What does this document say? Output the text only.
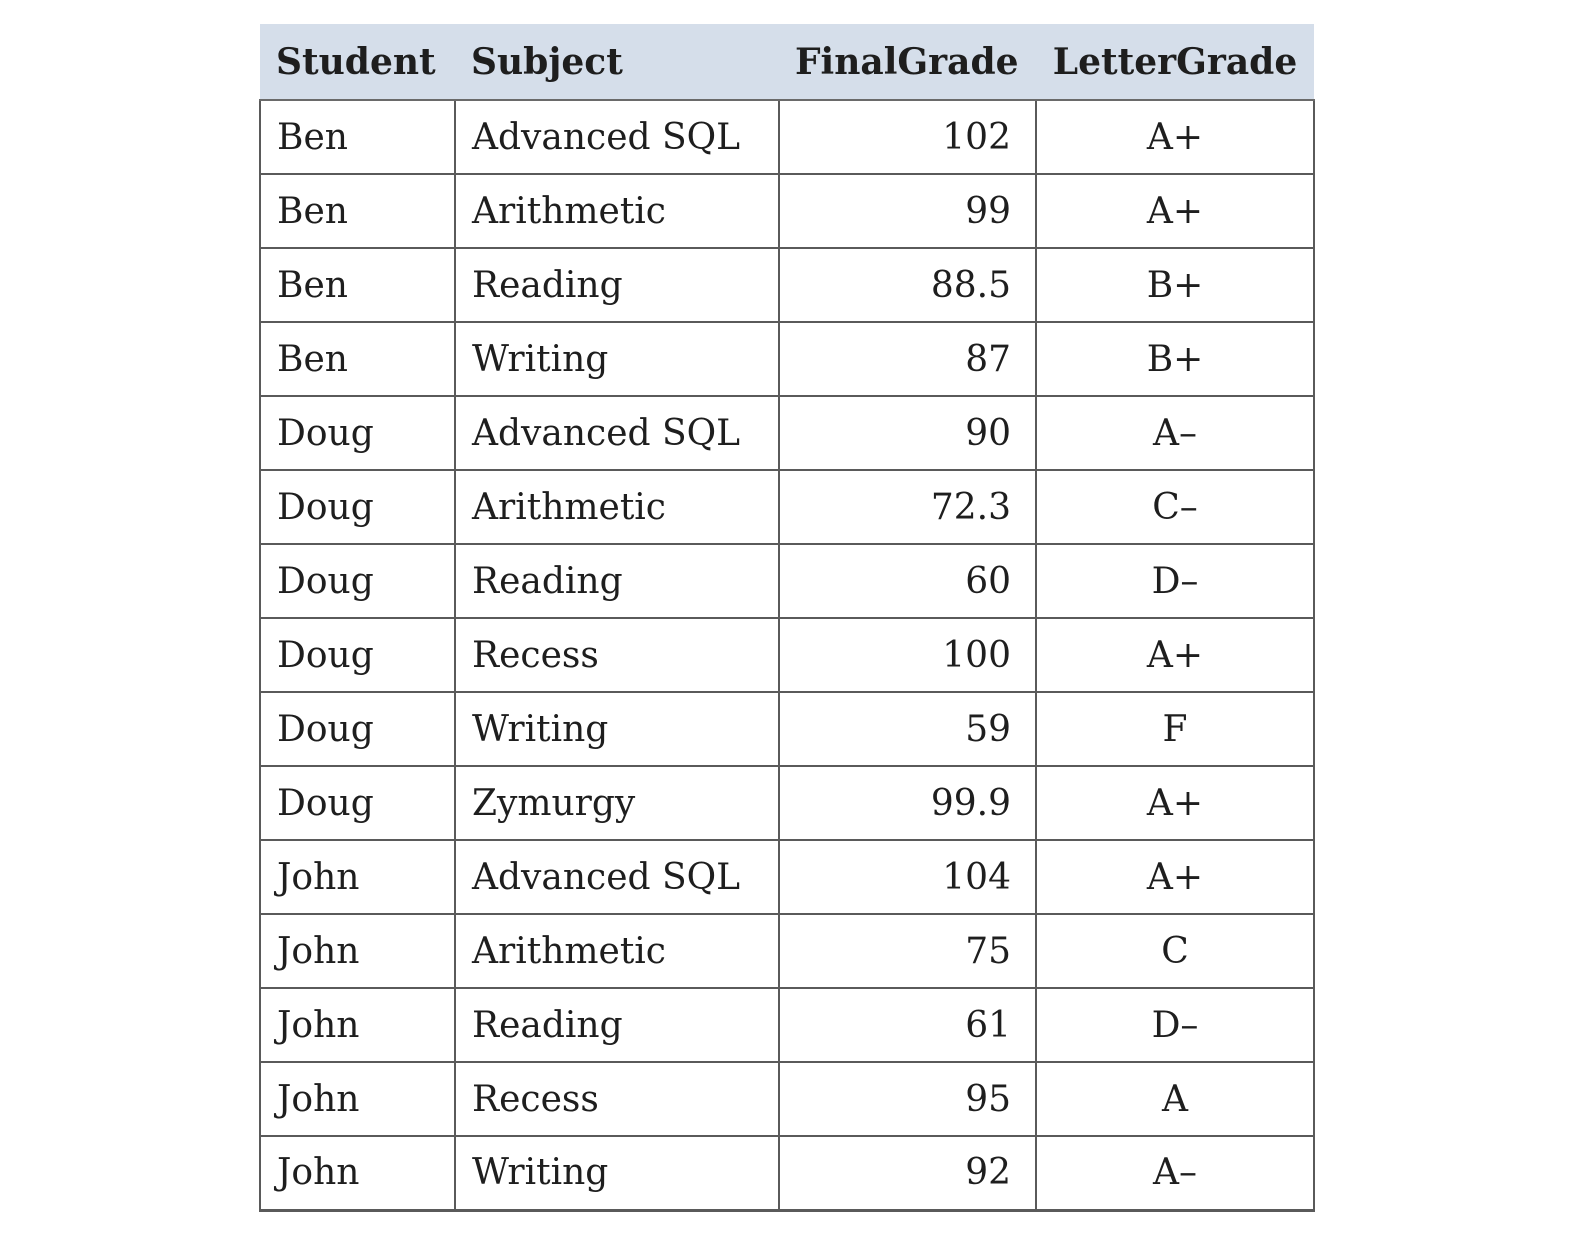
Student	Subject	FinalGrade	LetterGrade
Ben	Advanced SQL	102	A+
Ben	Arithmetic	99	A+
Ben	Reading	88.5	B+
Ben	Writing	87	B+
Doug	Advanced SQL	90	A–
Doug	Arithmetic	72.3	C–
Doug	Reading	60	D–
Doug	Recess	100	A+
Doug	Writing	59	F
Doug	Zymurgy	99.9	A+
John	Advanced SQL	104	A+
John	Arithmetic	75	C
John	Reading	61	D–
John	Recess	95	A
John	Writing	92	A–
